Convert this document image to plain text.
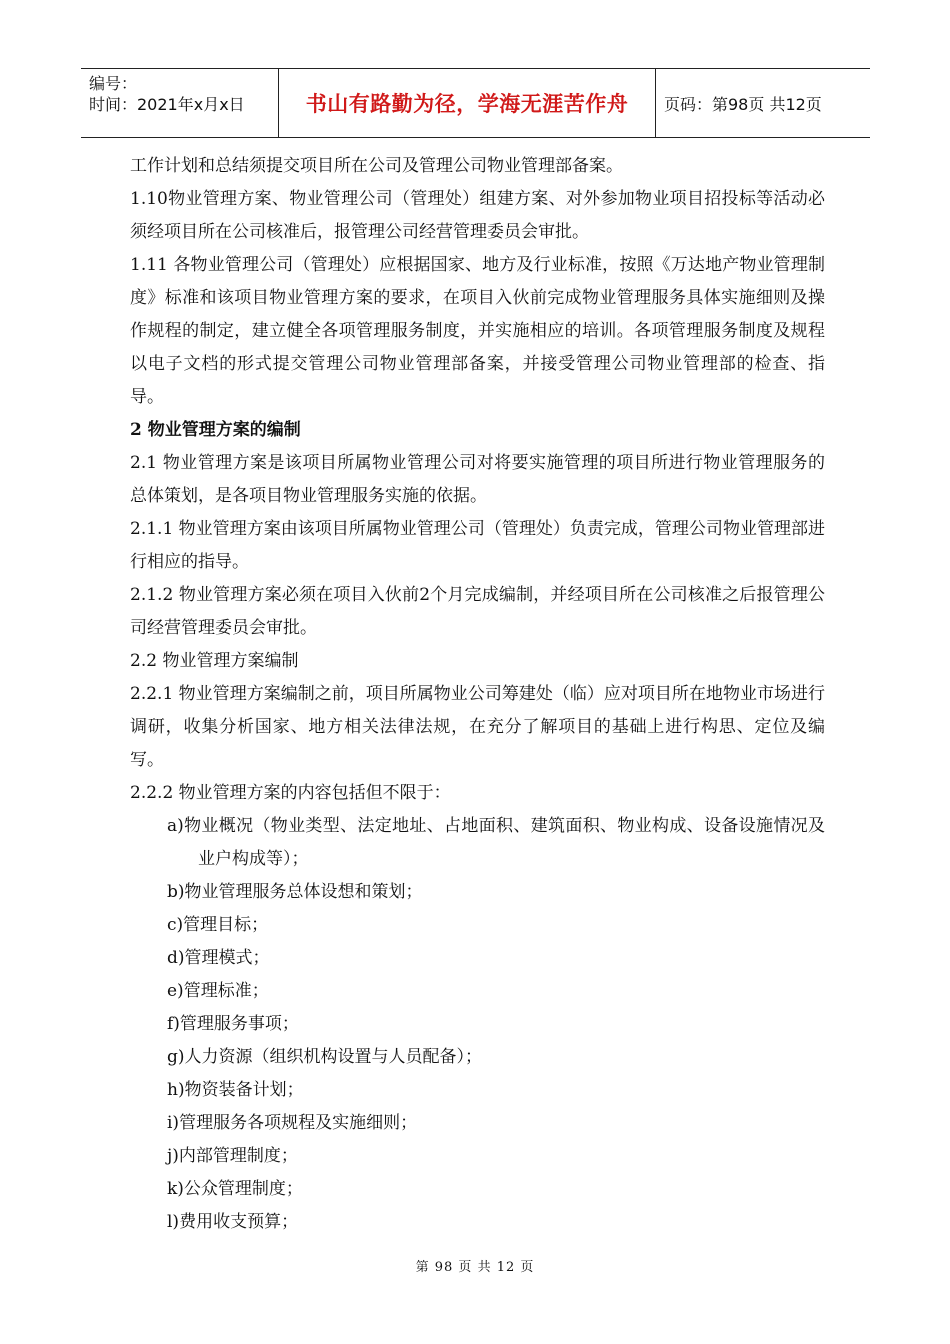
编号：
时间：2021年x月x日	书山有路勤为径，学海无涯苦作舟	页码：第98页 共12页

工作计划和总结须提交项目所在公司及管理公司物业管理部备案。

1.10物业管理方案、物业管理公司（管理处）组建方案、对外参加物业项目招投标等活动必须经项目所在公司核准后，报管理公司经营管理委员会审批。

1.11 各物业管理公司（管理处）应根据国家、地方及行业标准，按照《万达地产物业管理制度》标准和该项目物业管理方案的要求，在项目入伙前完成物业管理服务具体实施细则及操作规程的制定，建立健全各项管理服务制度，并实施相应的培训。各项管理服务制度及规程以电子文档的形式提交管理公司物业管理部备案，并接受管理公司物业管理部的检查、指导。

2 物业管理方案的编制

2.1 物业管理方案是该项目所属物业管理公司对将要实施管理的项目所进行物业管理服务的总体策划，是各项目物业管理服务实施的依据。

2.1.1 物业管理方案由该项目所属物业管理公司（管理处）负责完成，管理公司物业管理部进行相应的指导。

2.1.2 物业管理方案必须在项目入伙前2个月完成编制，并经项目所在公司核准之后报管理公司经营管理委员会审批。

2.2 物业管理方案编制

2.2.1 物业管理方案编制之前，项目所属物业公司筹建处（临）应对项目所在地物业市场进行调研，收集分析国家、地方相关法律法规，在充分了解项目的基础上进行构思、定位及编写。

2.2.2 物业管理方案的内容包括但不限于：

a)物业概况（物业类型、法定地址、占地面积、建筑面积、物业构成、设备设施情况及业户构成等）；

b)物业管理服务总体设想和策划；

c)管理目标；

d)管理模式；

e)管理标准；

f)管理服务事项；

g)人力资源（组织机构设置与人员配备）；

h)物资装备计划；

i)管理服务各项规程及实施细则；

j)内部管理制度；

k)公众管理制度；

l)费用收支预算；

第 98 页 共 12 页
